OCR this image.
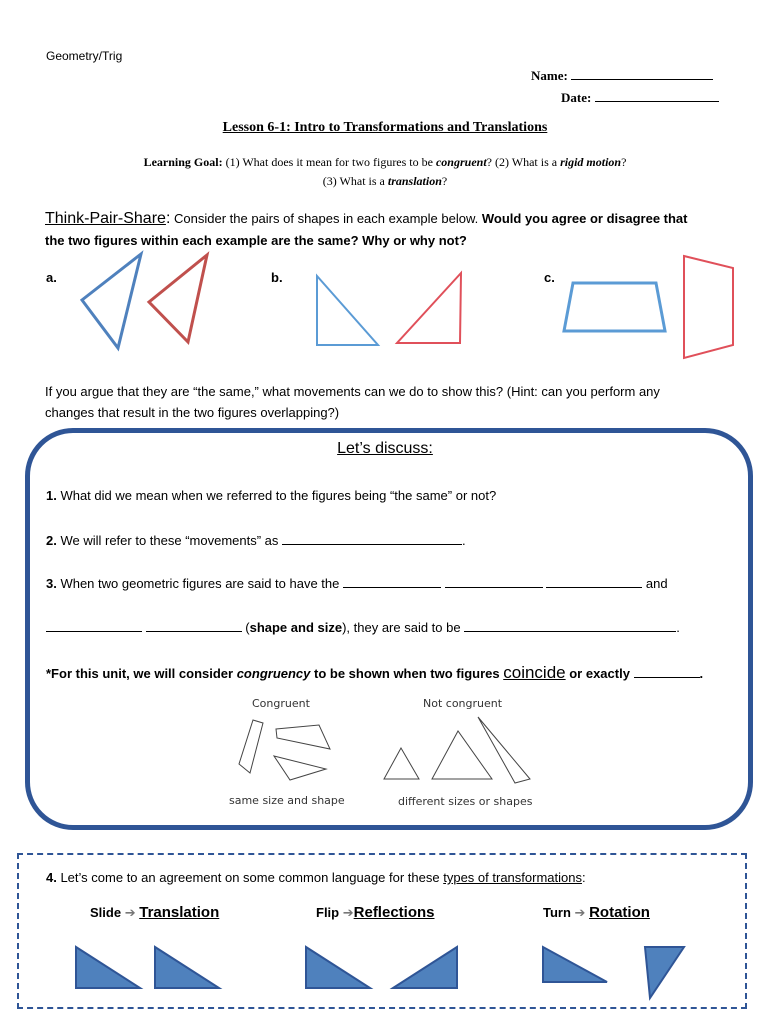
Geometry/Trig
Name:
Date:
Lesson 6-1: Intro to Transformations and Translations
Learning Goal: (1) What does it mean for two figures to be congruent? (2) What is a rigid motion?
(3) What is a translation?
Think-Pair-Share: Consider the pairs of shapes in each example below. Would you agree or disagree that
the two figures within each example are the same? Why or why not?
a.	b.	c.
If you argue that they are “the same,” what movements can we do to show this? (Hint: can you perform any
changes that result in the two figures overlapping?)
Let’s discuss:
1. What did we mean when we referred to the figures being “the same” or not?
2. We will refer to these “movements” as	.
3. When two geometric figures are said to have the	and
(shape and size), they are said to be	.
*For this unit, we will consider congruency to be shown when two figures coincide or exactly	.
Congruent	Not congruent
same size and shape	different sizes or shapes
4. Let’s come to an agreement on some common language for these types of transformations:
Slide ➔ Translation	Flip ➔Reflections	Turn ➔ Rotation
